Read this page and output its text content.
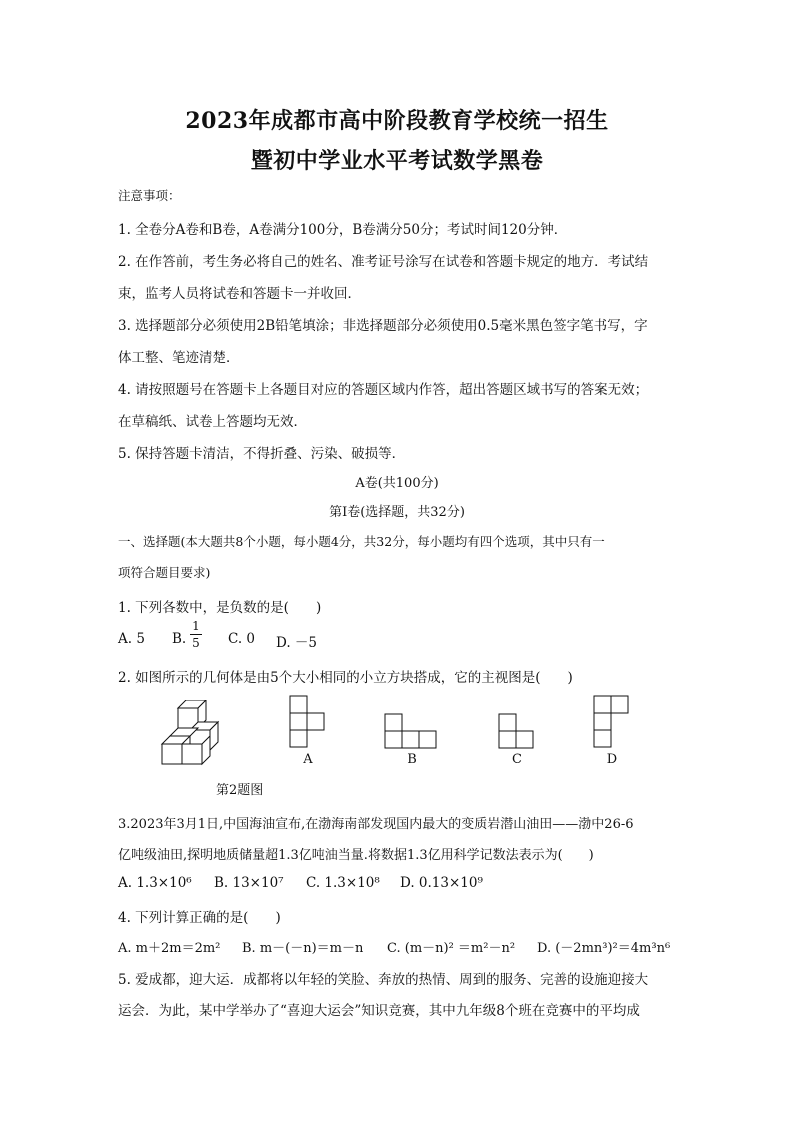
2023年成都市高中阶段教育学校统一招生
暨初中学业水平考试数学黑卷
注意事项：
1. 全卷分A卷和B卷，A卷满分100分，B卷满分50分；考试时间120分钟．
2. 在作答前，考生务必将自己的姓名、准考证号涂写在试卷和答题卡规定的地方．考试结
束，监考人员将试卷和答题卡一并收回．
3. 选择题部分必须使用2B铅笔填涂；非选择题部分必须使用0.5毫米黑色签字笔书写，字
体工整、笔迹清楚．
4. 请按照题号在答题卡上各题目对应的答题区域内作答，超出答题区域书写的答案无效；
在草稿纸、试卷上答题均无效．
5. 保持答题卡清洁，不得折叠、污染、破损等．
A卷(共100分)
第Ⅰ卷(选择题，共32分)
一、选择题(本大题共8个小题，每小题4分，共32分，每小题均有四个选项，其中只有一
项符合题目要求)
1. 下列各数中，是负数的是(　　)
A. 5 B.
1
5 C. 0 D. －5
2. 如图所示的几何体是由5个大小相同的小立方块搭成，它的主视图是(　　)
第2题图
A	B	C	D
3.2023年3月1日,中国海油宣布,在渤海南部发现国内最大的变质岩潜山油田——渤中26-6
亿吨级油田,探明地质储量超1.3亿吨油当量.将数据1.3亿用科学记数法表示为(　　)
A. 1.3×10⁶ B. 13×10⁷ C. 1.3×10⁸ D. 0.13×10⁹
4. 下列计算正确的是(　　)
A. m＋2m＝2m² B. m－(－n)＝m－n C. (m－n)² ＝m²－n² D. (－2mn³)²＝4m³n⁶
5. 爱成都，迎大运．成都将以年轻的笑脸、奔放的热情、周到的服务、完善的设施迎接大
运会．为此，某中学举办了“喜迎大运会”知识竞赛，其中九年级8个班在竞赛中的平均成
